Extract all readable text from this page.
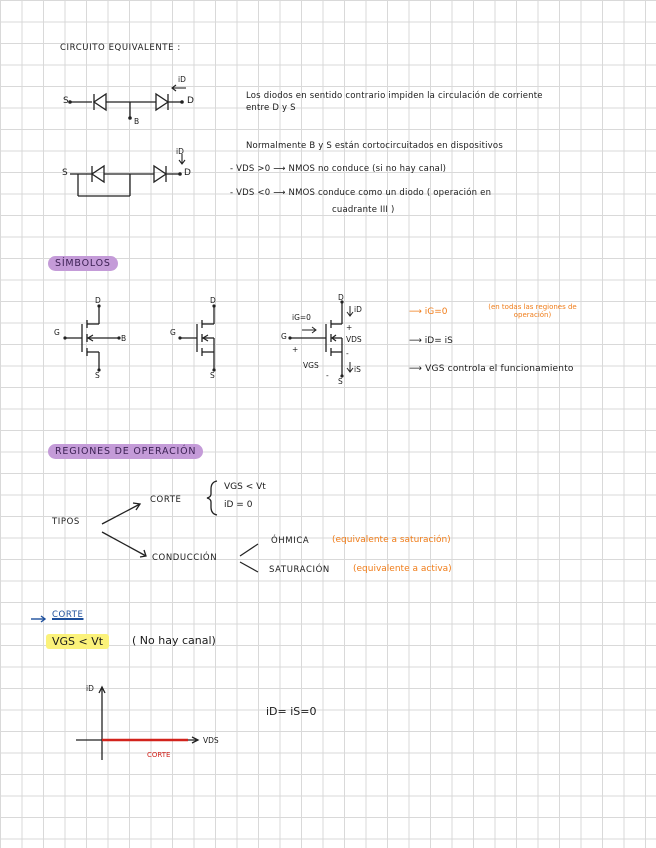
CIRCUITO EQUIVALENTE :
S	D
B
iD
Los diodos en sentido contrario impiden la circulación de corriente
entre D y S
S	D
iD
Normalmente B y S están cortocircuitados en dispositivos
- VDS >0 ⟶ NMOS no conduce (si no hay canal)
- VDS <0 ⟶ NMOS conduce como un diodo ( operación en
cuadrante III )
SÍMBOLOS
G
D
S
B
G
D
S
G
D
S
iG=0
iD
iS
VDS
VGS
+
-
+
-
⟶ iG=0	(en todas las regiones de operación)
⟶ iD= iS
⟶ VGS controla el funcionamiento
REGIONES DE OPERACIÓN
TIPOS
CORTE
VGS < Vt
iD = 0
CONDUCCIÓN
ÓHMICA	(equivalente a saturación)
SATURACIÓN	(equivalente a activa)
CORTE
VGS < Vt	( No hay canal)
iD
VDS
CORTE
iD= iS=0
